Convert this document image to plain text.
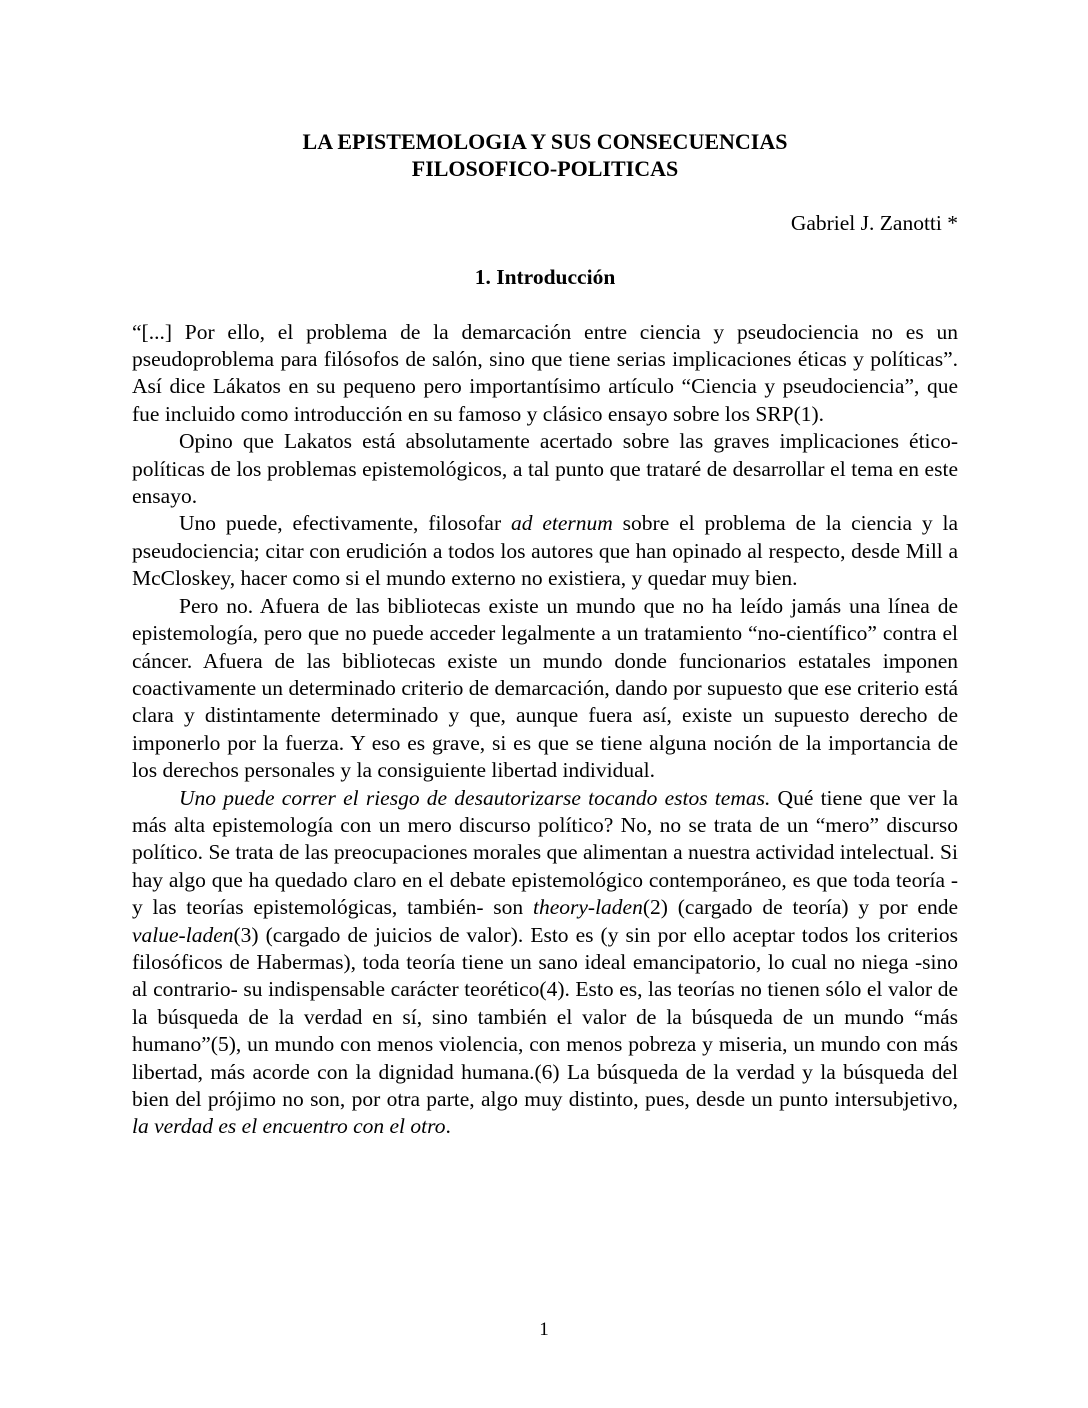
LA EPISTEMOLOGIA Y SUS CONSECUENCIAS
FILOSOFICO-POLITICAS
Gabriel J. Zanotti *
1. Introducción

“[...] Por ello, el problema de la demarcación entre ciencia y pseudociencia no es un pseudoproblema para filósofos de salón, sino que tiene serias implicaciones éticas y políticas”. Así dice Lákatos en su pequeno pero importantísimo artículo “Ciencia y pseudociencia”, que fue incluido como introducción en su famoso y clásico ensayo sobre los SRP(1).

Opino que Lakatos está absolutamente acertado sobre las graves implicaciones ético-políticas de los problemas epistemológicos, a tal punto que trataré de desarrollar el tema en este ensayo.

Uno puede, efectivamente, filosofar ad eternum sobre el problema de la ciencia y la pseudociencia; citar con erudición a todos los autores que han opinado al respecto, desde Mill a McCloskey, hacer como si el mundo externo no existiera, y quedar muy bien.

Pero no. Afuera de las bibliotecas existe un mundo que no ha leído jamás una línea de epistemología, pero que no puede acceder legalmente a un tratamiento “no-científico” contra el cáncer. Afuera de las bibliotecas existe un mundo donde funcionarios estatales imponen coactivamente un determinado criterio de demarcación, dando por supuesto que ese criterio está clara y distintamente determinado y que, aunque fuera así, existe un supuesto derecho de imponerlo por la fuerza. Y eso es grave, si es que se tiene alguna noción de la importancia de los derechos personales y la consiguiente libertad individual.

Uno puede correr el riesgo de desautorizarse tocando estos temas. Qué tiene que ver la más alta epistemología con un mero discurso político? No, no se trata de un “mero” discurso político. Se trata de las preocupaciones morales que alimentan a nuestra actividad intelectual. Si hay algo que ha quedado claro en el debate epistemológico contemporáneo, es que toda teoría -y las teorías epistemológicas, también- son theory-laden(2) (cargado de teoría) y por ende value-laden(3) (cargado de juicios de valor). Esto es (y sin por ello aceptar todos los criterios filosóficos de Habermas), toda teoría tiene un sano ideal emancipatorio, lo cual no niega -sino al contrario- su indispensable carácter teorético(4). Esto es, las teorías no tienen sólo el valor de la búsqueda de la verdad en sí, sino también el valor de la búsqueda de un mundo “más humano”(5), un mundo con menos violencia, con menos pobreza y miseria, un mundo con más libertad, más acorde con la dignidad humana.(6) La búsqueda de la verdad y la búsqueda del bien del prójimo no son, por otra parte, algo muy distinto, pues, desde un punto intersubjetivo, la verdad es el encuentro con el otro.

1
